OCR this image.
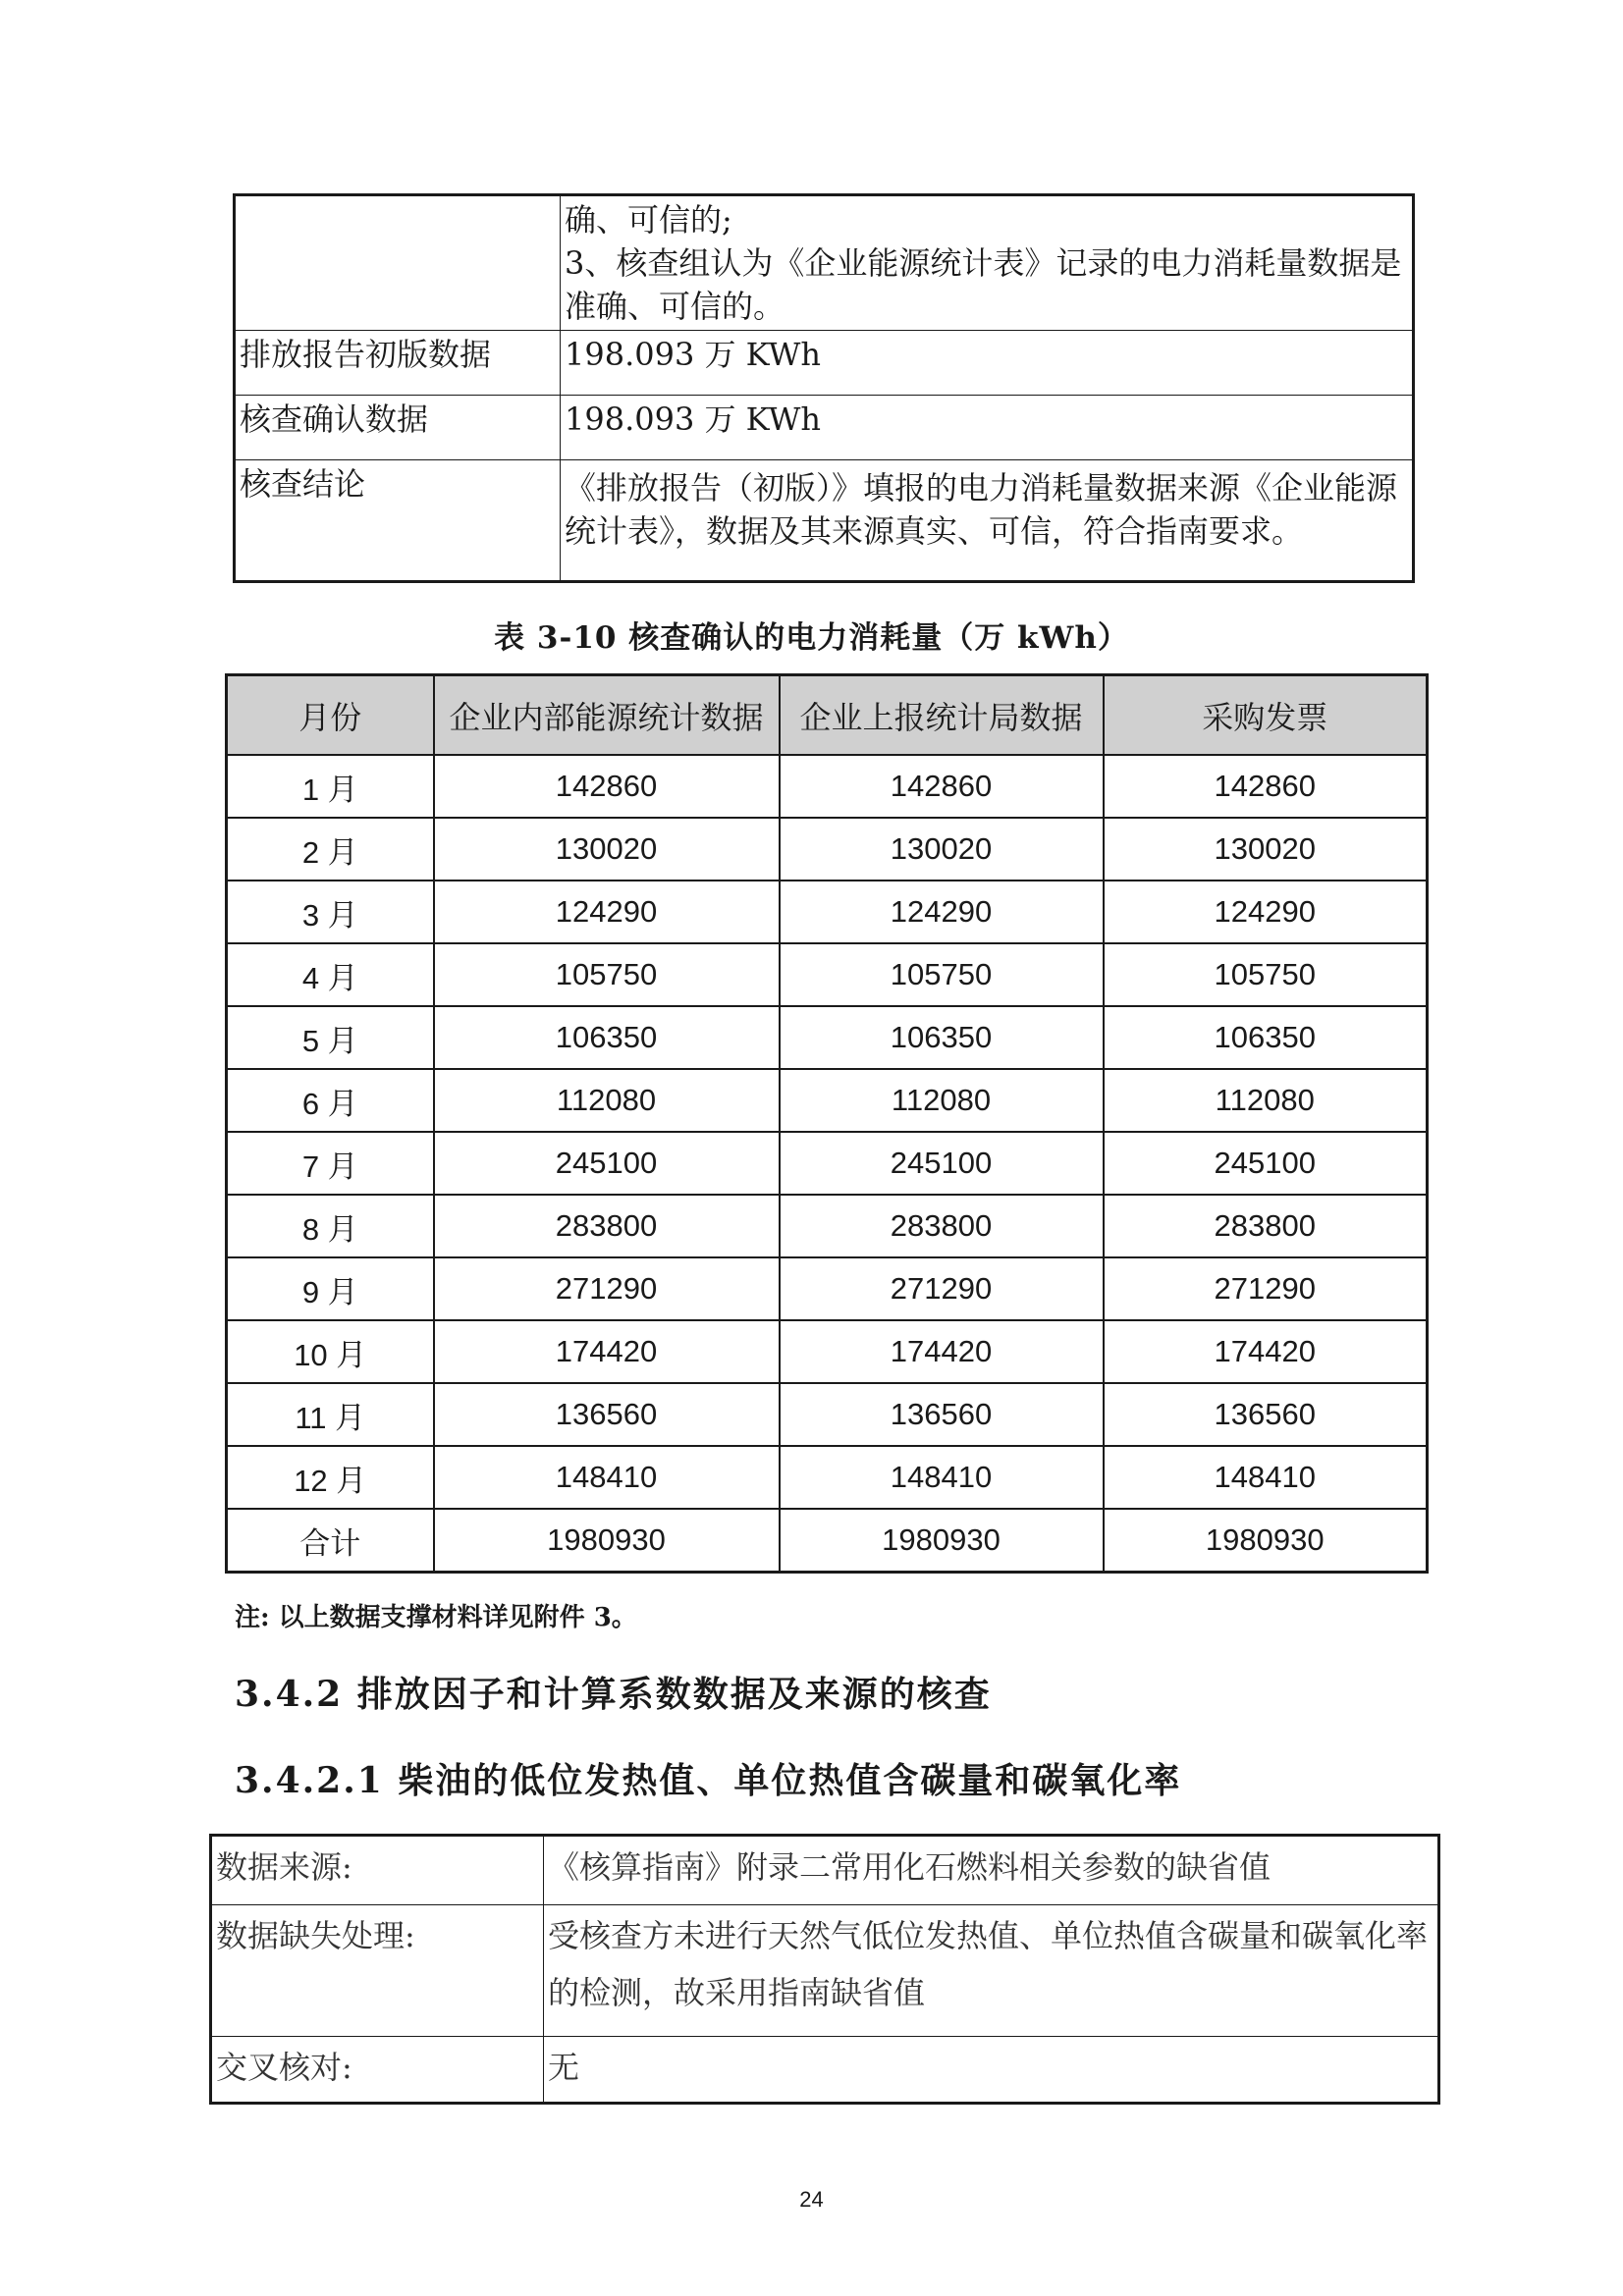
	确、可信的;
3、核查组认为《企业能源统计表》记录的电力消耗量数据是准确、可信的。

排放报告初版数据	198.093 万 KWh

核查确认数据	198.093 万 KWh

核查结论	《排放报告（初版）》填报的电力消耗量数据来源《企业能源统计表》，数据及其来源真实、可信，符合指南要求。
表 3-10 核查确认的电力消耗量（万 kWh）
月份	企业内部能源统计数据	企业上报统计局数据	采购发票
1 月	142860	142860	142860
2 月	130020	130020	130020
3 月	124290	124290	124290
4 月	105750	105750	105750
5 月	106350	106350	106350
6 月	112080	112080	112080
7 月	245100	245100	245100
8 月	283800	283800	283800
9 月	271290	271290	271290
10 月	174420	174420	174420
11 月	136560	136560	136560
12 月	148410	148410	148410
合计	1980930	1980930	1980930
注: 以上数据支撑材料详见附件 3。
3.4.2 排放因子和计算系数数据及来源的核查
3.4.2.1 柴油的低位发热值、单位热值含碳量和碳氧化率
数据来源:	《核算指南》附录二常用化石燃料相关参数的缺省值

数据缺失处理:	受核查方未进行天然气低位发热值、单位热值含碳量和碳氧化率的检测，故采用指南缺省值

交叉核对:	无
24
